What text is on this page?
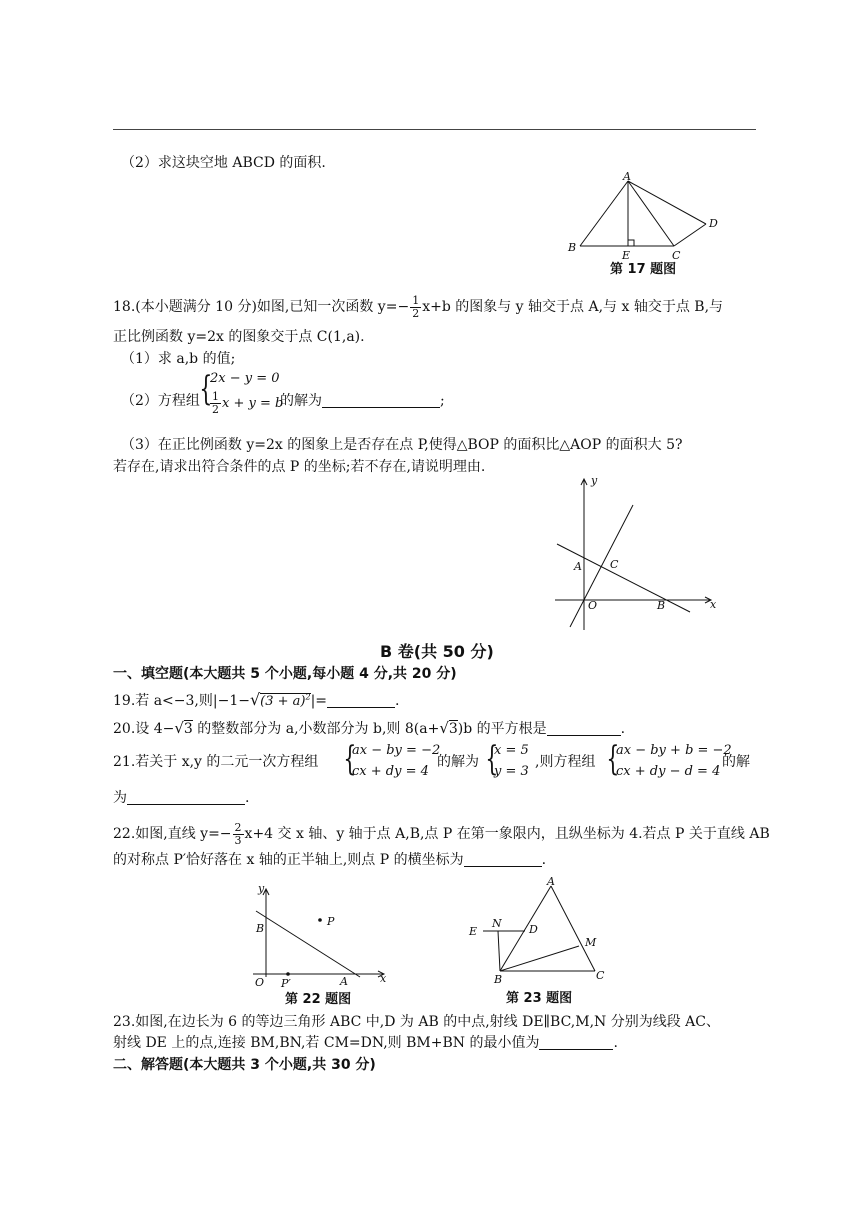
（2）求这块空地 ABCD 的面积.
A
B
E	C
D
第 17 题图
18.(本小题满分 10 分)如图,已知一次函数 $y=- \frac{1}{2} x+b$ 的图象与 y 轴交于点 A,与 x 轴交于点 B,与
正比例函数 y=2x 的图象交于点 C(1,a).
（1）求 a,b 的值;
（2）方程组 {
2x − y = 0
$\frac{1}{2}$ x + y = b
的解为	;
（3）在正比例函数 y=2x 的图象上是否存在点 P,使得△BOP 的面积比△AOP 的面积大 5?
若存在,请求出符合条件的点 P 的坐标;若不存在,请说明理由.
y
x
A	C
O	B
B 卷(共 50 分)
一、填空题(本大题共 5 个小题,每小题 4 分,共 20 分)
19.若 a<−3,则$|-1-√(3 + a)^2|=$	.
20.设 4−√3 的整数部分为 a,小数部分为 b,则 8(a+√3)b 的平方根是	.
21.若关于 x,y 的二元一次方程组 {
ax − by = −2
cx + dy = 4
的解为 {
x = 5
y = 3
,则方程组 {
ax − by + b = −2
cx + dy − d = 4
的解
为	.
22.如图,直线 $y=- \frac{2}{3} x+4$ 交 x 轴、y 轴于点 A,B,点 P 在第一象限内，且纵坐标为 4.若点 P 关于直线 AB
的对称点 P′恰好落在 x 轴的正半轴上,则点 P 的横坐标为	.
y
B
P
O P′	A	x
第 22 题图
A
N
E	D
M
B	C
第 23 题图
23.如图,在边长为 6 的等边三角形 ABC 中,D 为 AB 的中点,射线 DE∥BC,M,N 分别为线段 AC、
射线 DE 上的点,连接 BM,BN,若 CM=DN,则 BM+BN 的最小值为	.
二、解答题(本大题共 3 个小题,共 30 分)
